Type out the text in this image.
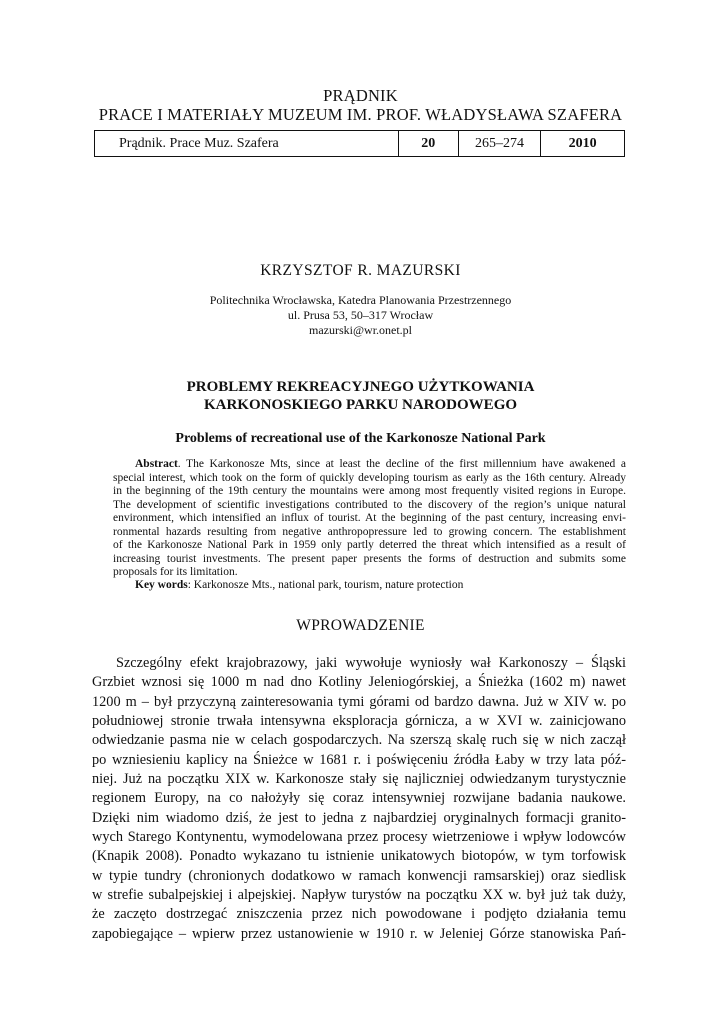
PRĄDNIK
PRACE I MATERIAŁY MUZEUM IM. PROF. WŁADYSŁAWA SZAFERA
Prądnik. Prace Muz. Szafera	20	265–274	2010
KRZYSZTOF R. MAZURSKI
Politechnika Wrocławska, Katedra Planowania Przestrzennego
ul. Prusa 53, 50–317 Wrocław
mazurski@wr.onet.pl
PROBLEMY REKREACYJNEGO UŻYTKOWANIA
KARKONOSKIEGO PARKU NARODOWEGO
Problems of recreational use of the Karkonosze National Park
Abstract. The Karkonosze Mts, since at least the decline of the first millennium have awakened a
special interest, which took on the form of quickly developing tourism as early as the 16th century. Already
in the beginning of the 19th century the mountains were among most frequently visited regions in Europe.
The development of scientific investigations contributed to the discovery of the region’s unique natural
environment, which intensified an influx of tourist. At the beginning of the past century, increasing envi-
ronmental hazards resulting from negative anthropopressure led to growing concern. The establishment
of the Karkonosze National Park in 1959 only partly deterred the threat which intensified as a result of
increasing tourist investments. The present paper presents the forms of destruction and submits some
proposals for its limitation.
Key words: Karkonosze Mts., national park, tourism, nature protection
WPROWADZENIE
Szczególny efekt krajobrazowy, jaki wywołuje wyniosły wał Karkonoszy – Śląski
Grzbiet wznosi się 1000 m nad dno Kotliny Jeleniogórskiej, a Śnieżka (1602 m) nawet
1200 m – był przyczyną zainteresowania tymi górami od bardzo dawna. Już w XIV w. po
południowej stronie trwała intensywna eksploracja górnicza, a w XVI w. zainicjowano
odwiedzanie pasma nie w celach gospodarczych. Na szerszą skalę ruch się w nich zaczął
po wzniesieniu kaplicy na Śnieżce w 1681 r. i poświęceniu źródła Łaby w trzy lata póź-
niej. Już na początku XIX w. Karkonosze stały się najliczniej odwiedzanym turystycznie
regionem Europy, na co nałożyły się coraz intensywniej rozwijane badania naukowe.
Dzięki nim wiadomo dziś, że jest to jedna z najbardziej oryginalnych formacji granito-
wych Starego Kontynentu, wymodelowana przez procesy wietrzeniowe i wpływ lodowców
(Knapik 2008). Ponadto wykazano tu istnienie unikatowych biotopów, w tym torfowisk
w typie tundry (chronionych dodatkowo w ramach konwencji ramsarskiej) oraz siedlisk
w strefie subalpejskiej i alpejskiej. Napływ turystów na początku XX w. był już tak duży,
że zaczęto dostrzegać zniszczenia przez nich powodowane i podjęto działania temu
zapobiegające – wpierw przez ustanowienie w 1910 r. w Jeleniej Górze stanowiska Pań-
